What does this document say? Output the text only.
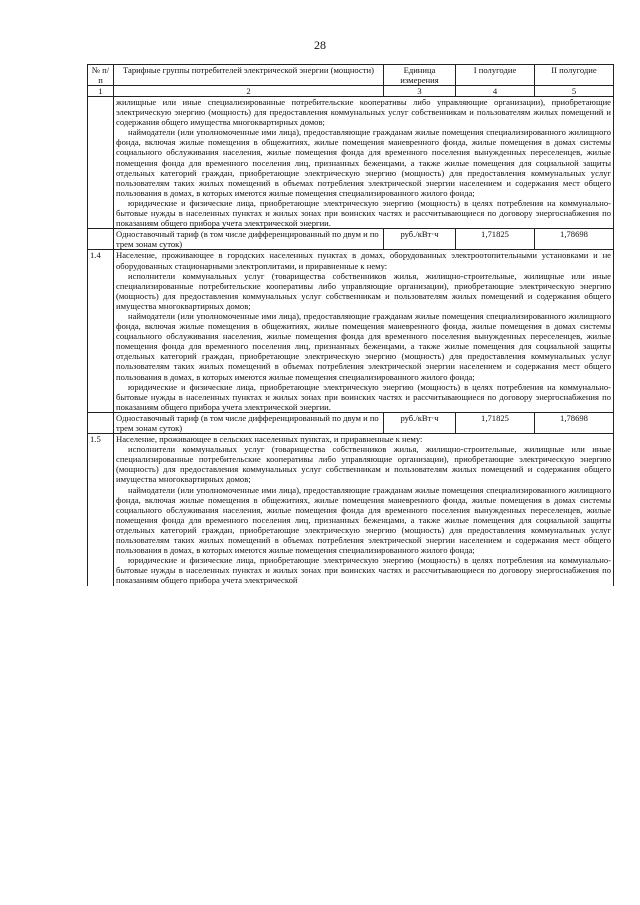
28
№ п/п	Тарифные группы потребителей электрической энергии (мощности)	Единица измерения	I полугодие	II полугодие
1	2	3	4	5

	жилищные или иные специализированные потребительские кооперативы либо управляющие организации), приобретающие электрическую энергию (мощность) для предоставления коммунальных услуг собственникам и пользователям жилых помещений и содержания общего имущества многоквартирных домов;

наймодатели (или уполномоченные ими лица), предоставляющие гражданам жилые помещения специализированного жилищного фонда, включая жилые помещения в общежитиях, жилые помещения маневренного фонда, жилые помещения в домах системы социального обслуживания населения, жилые помещения фонда для временного поселения вынужденных переселенцев, жилые помещения фонда для временного поселения лиц, признанных беженцами, а также жилые помещения для социальной защиты отдельных категорий граждан, приобретающие электрическую энергию (мощность) для предоставления коммунальных услуг пользователям таких жилых помещений в объемах потребления электрической энергии населением и содержания мест общего пользования в домах, в которых имеются жилые помещения специализированного жилого фонда;

юридические и физические лица, приобретающие электрическую энергию (мощность) в целях потребления на коммунально-бытовые нужды в населенных пунктах и жилых зонах при воинских частях и рассчитывающиеся по договору энергоснабжения по показаниям общего прибора учета электрической энергии.			

	Одноставочный тариф (в том числе дифференцированный по двум и по трем зонам суток)	руб./кВт·ч	1,71825	1,78698
1.4	Население, проживающее в городских населенных пунктах в домах, оборудованных электроотопительными установками и не оборудованных стационарными электроплитами, и приравненные к нему:

исполнители коммунальных услуг (товарищества собственников жилья, жилищно-строительные, жилищные или иные специализированные потребительские кооперативы либо управляющие организации), приобретающие электрическую энергию (мощность) для предоставления коммунальных услуг собственникам и пользователям жилых помещений и содержания общего имущества многоквартирных домов;

наймодатели (или уполномоченные ими лица), предоставляющие гражданам жилые помещения специализированного жилищного фонда, включая жилые помещения в общежитиях, жилые помещения маневренного фонда, жилые помещения в домах системы социального обслуживания населения, жилые помещения фонда для временного поселения вынужденных переселенцев, жилые помещения фонда для временного поселения лиц, признанных беженцами, а также жилые помещения для социальной защиты отдельных категорий граждан, приобретающие электрическую энергию (мощность) для предоставления коммунальных услуг пользователям таких жилых помещений в объемах потребления электрической энергии населением и содержания мест общего пользования в домах, в которых имеются жилые помещения специализированного жилого фонда;

юридические и физические лица, приобретающие электрическую энергию (мощность) в целях потребления на коммунально-бытовые нужды в населенных пунктах и жилых зонах при воинских частях и рассчитывающиеся по договору энергоснабжения по показаниям общего прибора учета электрической энергии.			

	Одноставочный тариф (в том числе дифференцированный по двум и по трем зонам суток)	руб./кВт·ч	1,71825	1,78698
1.5	Население, проживающее в сельских населенных пунктах, и приравненные к нему:

исполнители коммунальных услуг (товарищества собственников жилья, жилищно-строительные, жилищные или иные специализированные потребительские кооперативы либо управляющие организации), приобретающие электрическую энергию (мощность) для предоставления коммунальных услуг собственникам и пользователям жилых помещений и содержания общего имущества многоквартирных домов;

наймодатели (или уполномоченные ими лица), предоставляющие гражданам жилые помещения специализированного жилищного фонда, включая жилые помещения в общежитиях, жилые помещения маневренного фонда, жилые помещения в домах системы социального обслуживания населения, жилые помещения фонда для временного поселения вынужденных переселенцев, жилые помещения фонда для временного поселения лиц, признанных беженцами, а также жилые помещения для социальной защиты отдельных категорий граждан, приобретающие электрическую энергию (мощность) для предоставления коммунальных услуг пользователям таких жилых помещений в объемах потребления электрической энергии населением и содержания мест общего пользования в домах, в которых имеются жилые помещения специализированного жилого фонда;

юридические и физические лица, приобретающие электрическую энергию (мощность) в целях потребления на коммунально-бытовые нужды в населенных пунктах и жилых зонах при воинских частях и рассчитывающиеся по договору энергоснабжения по показаниям общего прибора учета электрической			
